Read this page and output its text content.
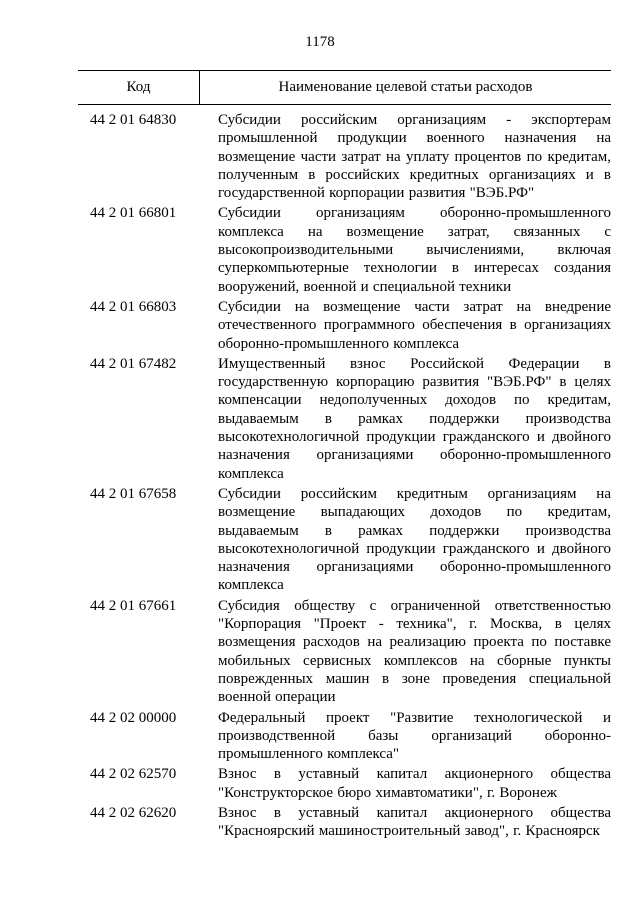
1178
Код	Наименование целевой статьи расходов
44 2 01 64830	Субсидии российским организациям - экспортерам промышленной продукции военного назначения на возмещение части затрат на уплату процентов по кредитам, полученным в российских кредитных организациях и в государственной корпорации развития "ВЭБ.РФ"
44 2 01 66801	Субсидии организациям оборонно-промышленного комплекса на возмещение затрат, связанных с высокопроизводительными вычислениями, включая суперкомпьютерные технологии в интересах создания вооружений, военной и специальной техники
44 2 01 66803	Субсидии на возмещение части затрат на внедрение отечественного программного обеспечения в организациях оборонно-промышленного комплекса
44 2 01 67482	Имущественный взнос Российской Федерации в государственную корпорацию развития "ВЭБ.РФ" в целях компенсации недополученных доходов по кредитам, выдаваемым в рамках поддержки производства высокотехнологичной продукции гражданского и двойного назначения организациями оборонно-промышленного комплекса
44 2 01 67658	Субсидии российским кредитным организациям на возмещение выпадающих доходов по кредитам, выдаваемым в рамках поддержки производства высокотехнологичной продукции гражданского и двойного назначения организациями оборонно-промышленного комплекса
44 2 01 67661	Субсидия обществу с ограниченной ответственностью "Корпорация "Проект - техника", г. Москва, в целях возмещения расходов на реализацию проекта по поставке мобильных сервисных комплексов на сборные пункты поврежденных машин в зоне проведения специальной военной операции
44 2 02 00000	Федеральный проект "Развитие технологической и производственной базы организаций оборонно-промышленного комплекса"
44 2 02 62570	Взнос в уставный капитал акционерного общества "Конструкторское бюро химавтоматики", г. Воронеж
44 2 02 62620	Взнос в уставный капитал акционерного общества "Красноярский машиностроительный завод", г. Красноярск
